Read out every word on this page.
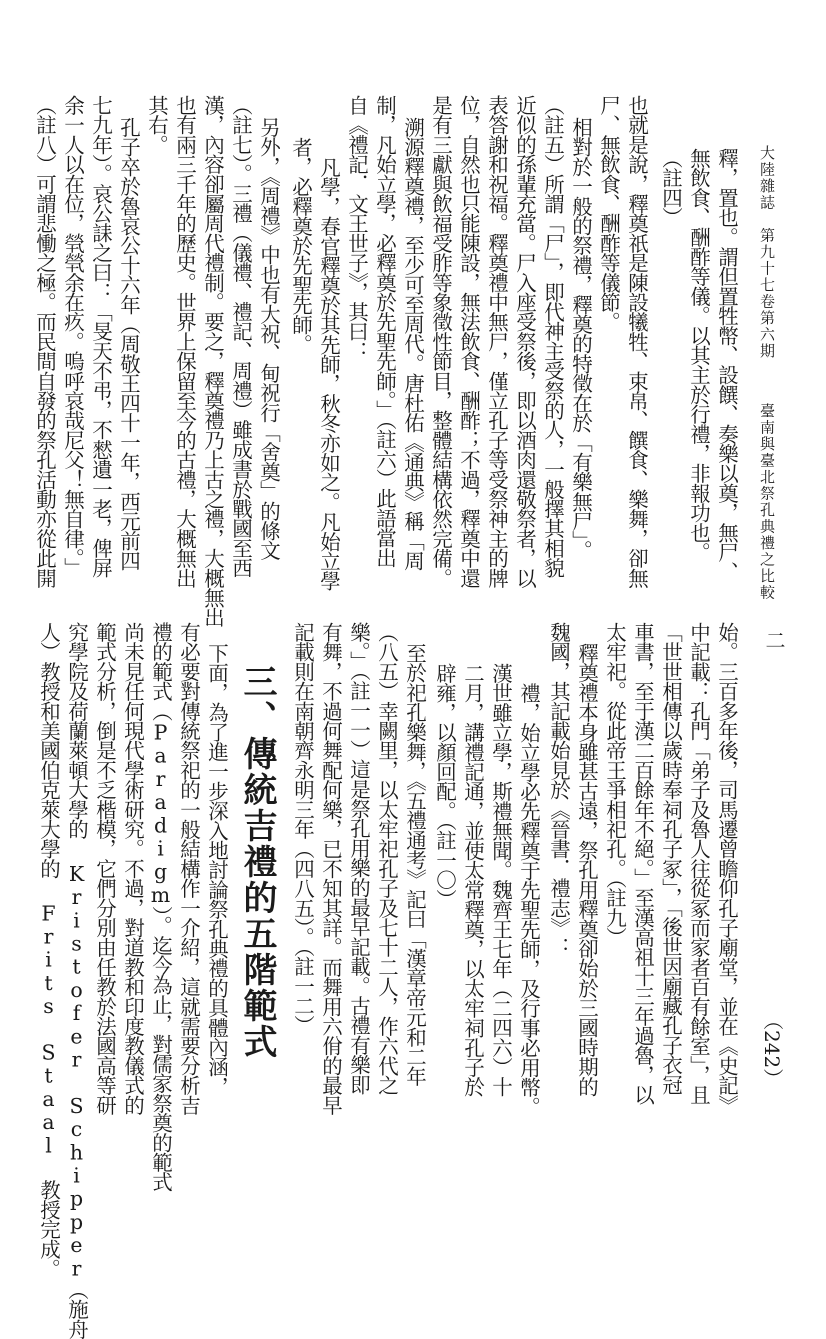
大陸雜誌　第九十七卷第六期
臺南與臺北祭孔典禮之比較

釋，置也。謂但置牲幣、設饌、奏樂以奠，無尸、

無飲食、酬酢等儀。以其主於行禮，非報功也。

（註四）

也就是說，釋奠祇是陳設犧牲、束帛、饌食、樂舞，卻無

尸、無飲食、酬酢等儀節。

相對於一般的祭禮，釋奠的特徵在於「有樂無尸」。

（註五）所謂「尸」，即代神主受祭的人，一般擇其相貌

近似的孫輩充當。尸入座受祭後，即以酒肉還敬祭者，以

表答謝和祝福。釋奠禮中無尸，僅立孔子等受祭神主的牌

位，自然也只能陳設，無法飲食、酬酢；不過，釋奠中還

是有三獻與飲福受胙等象徵性節目，整體結構依然完備。

溯源釋奠禮，至少可至周代。唐杜佑《通典》稱「周

制，凡始立學，必釋奠於先聖先師。」（註六）此語當出

自《禮記．文王世子》，其曰：

凡學，春官釋奠於其先師，秋冬亦如之。凡始立學

者，必釋奠於先聖先師。

另外，《周禮》中也有大祝、甸祝行「舍奠」的條文

（註七）。三禮（儀禮、禮記、周禮）雖成書於戰國至西

漢，內容卻屬周代禮制。要之，釋奠禮乃上古之禮，大概無出

也有兩三千年的歷史。世界上保留至今的古禮，大概無出

其右。

孔子卒於魯哀公十六年（周敬王四十一年，西元前四

七九年）。哀公誄之曰：「旻天不弔，不憖遺一老，俾屏

余一人以在位，煢煢余在疚。嗚呼哀哉尼父！無自律。」

（註八）可謂悲慟之極。而民間自發的祭孔活動亦從此開

始。三百多年後，司馬遷曾瞻仰孔子廟堂，並在《史記》

中記載：孔門「弟子及魯人往從冢而家者百有餘室」，且

「世世相傳以歲時奉祠孔子冢」，「後世因廟藏孔子衣冠

車書，至于漢二百餘年不絕。」至漢高祖十三年過魯，以

太牢祀。從此帝王爭相祀孔。（註九）

釋奠禮本身雖甚古遠，祭孔用釋奠卻始於三國時期的

魏國，其記載始見於《晉書．禮志》：

禮，始立學必先釋奠于先聖先師，及行事必用幣。

漢世雖立學，斯禮無聞。魏齊王七年（二四六）十

二月，講禮記通，並使太常釋奠，以太牢祠孔子於

辟雍，以顏回配。（註一〇）

至於祀孔樂舞，《五禮通考》記曰「漢章帝元和二年

（八五）幸闕里，以太牢祀孔子及七十二人，作六代之

樂。」（註一一）這是祭孔用樂的最早記載。古禮有樂即

有舞，不過何舞配何樂，已不知其詳。而舞用六佾的最早

記載則在南朝齊永明三年（四八五）。（註一二）

三、傳統吉禮的五階範式

下面，為了進一步深入地討論祭孔典禮的具體內涵，

有必要對傳統祭祀的一般結構作一介紹，這就需要分析吉

禮的範式（Paradigm）。迄今為止，對儒家祭奠的範式

尚未見任何現代學術研究。不過，對道教和印度教儀式的

範式分析，倒是不乏楷模，它們分別由任教於法國高等研

究學院及荷蘭萊頓大學的 Kristofer Schipper（施舟

人）教授和美國伯克萊大學的 Frits Staal 教授完成。	二
（242）
